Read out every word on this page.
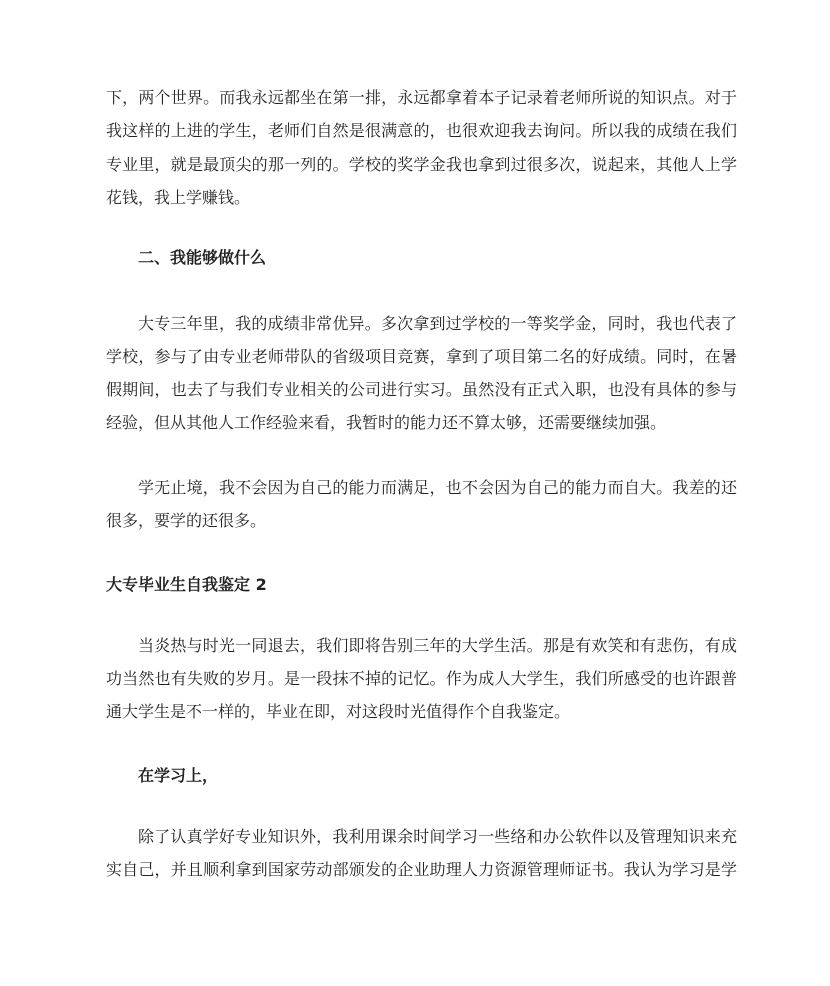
下，两个世界。而我永远都坐在第一排，永远都拿着本子记录着老师所说的知识点。对于
我这样的上进的学生，老师们自然是很满意的，也很欢迎我去询问。所以我的成绩在我们
专业里，就是最顶尖的那一列的。学校的奖学金我也拿到过很多次，说起来，其他人上学
花钱，我上学赚钱。
二、我能够做什么
大专三年里，我的成绩非常优异。多次拿到过学校的一等奖学金，同时，我也代表了
学校，参与了由专业老师带队的省级项目竞赛，拿到了项目第二名的好成绩。同时，在暑
假期间，也去了与我们专业相关的公司进行实习。虽然没有正式入职，也没有具体的参与
经验，但从其他人工作经验来看，我暂时的能力还不算太够，还需要继续加强。
学无止境，我不会因为自己的能力而满足，也不会因为自己的能力而自大。我差的还
很多，要学的还很多。
大专毕业生自我鉴定 2
当炎热与时光一同退去，我们即将告别三年的大学生活。那是有欢笑和有悲伤，有成
功当然也有失败的岁月。是一段抹不掉的记忆。作为成人大学生，我们所感受的也许跟普
通大学生是不一样的，毕业在即，对这段时光值得作个自我鉴定。
在学习上，
除了认真学好专业知识外，我利用课余时间学习一些络和办公软件以及管理知识来充
实自己，并且顺利拿到国家劳动部颁发的企业助理人力资源管理师证书。我认为学习是学
